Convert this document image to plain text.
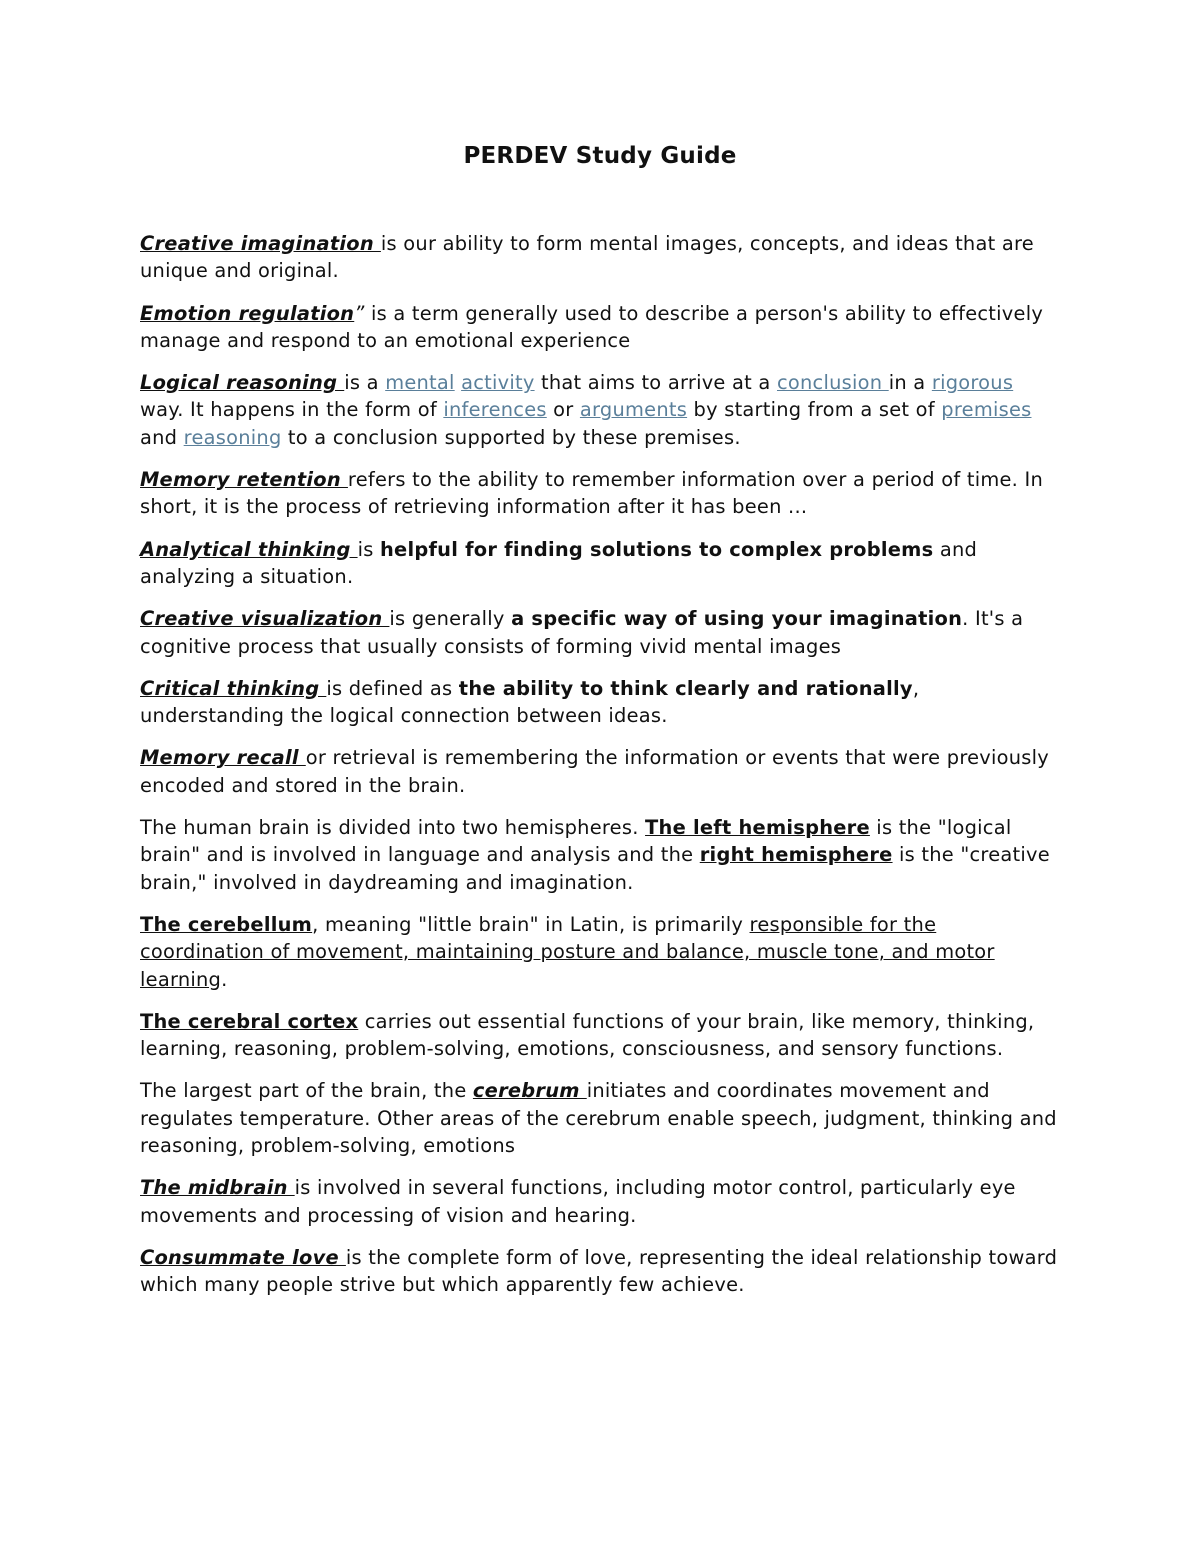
PERDEV Study Guide

Creative imagination is our ability to form mental images, concepts, and ideas that are unique and original.

Emotion regulation” is a term generally used to describe a person's ability to effectively manage and respond to an emotional experience

Logical reasoning is a mental activity that aims to arrive at a conclusion in a rigorous way. It happens in the form of inferences or arguments by starting from a set of premises and reasoning to a conclusion supported by these premises.

Memory retention refers to the ability to remember information over a period of time. In short, it is the process of retrieving information after it has been ...

Analytical thinking is helpful for finding solutions to complex problems and analyzing a situation.

Creative visualization is generally a specific way of using your imagination. It's a cognitive process that usually consists of forming vivid mental images

Critical thinking is defined as the ability to think clearly and rationally, understanding the logical connection between ideas.

Memory recall or retrieval is remembering the information or events that were previously encoded and stored in the brain.

The human brain is divided into two hemispheres. The left hemisphere is the "logical brain" and is involved in language and analysis and the right hemisphere is the "creative brain," involved in daydreaming and imagination.

The cerebellum, meaning "little brain" in Latin, is primarily responsible for the coordination of movement, maintaining posture and balance, muscle tone, and motor learning.

The cerebral cortex carries out essential functions of your brain, like memory, thinking, learning, reasoning, problem-solving, emotions, consciousness, and sensory functions.

The largest part of the brain, the cerebrum initiates and coordinates movement and regulates temperature. Other areas of the cerebrum enable speech, judgment, thinking and reasoning, problem-solving, emotions

The midbrain is involved in several functions, including motor control, particularly eye movements and processing of vision and hearing.

Consummate love is the complete form of love, representing the ideal relationship toward which many people strive but which apparently few achieve.
